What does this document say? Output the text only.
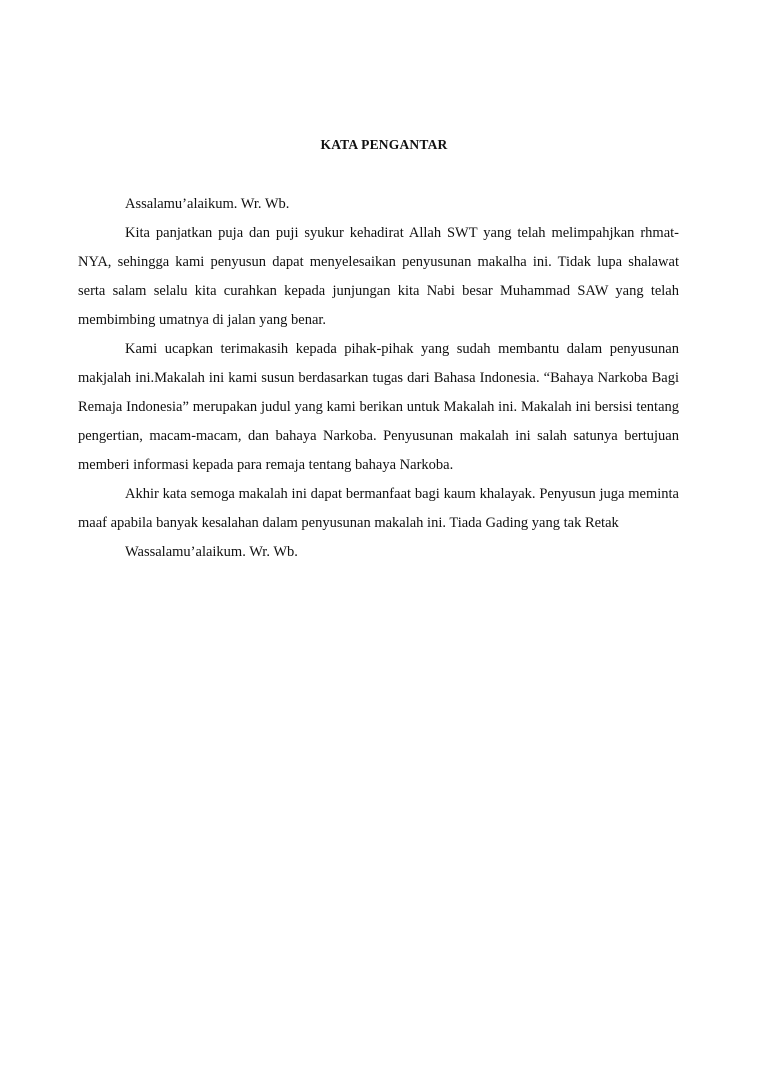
KATA PENGANTAR

Assalamu’alaikum. Wr. Wb.

Kita panjatkan puja dan puji syukur kehadirat Allah SWT yang telah melimpahjkan rhmat-NYA, sehingga kami penyusun dapat menyelesaikan penyusunan makalha ini. Tidak lupa shalawat serta salam selalu kita curahkan kepada junjungan kita Nabi besar Muhammad SAW yang telah membimbing umatnya di jalan yang benar.

Kami ucapkan terimakasih kepada pihak-pihak yang sudah membantu dalam penyusunan makjalah ini.Makalah ini kami susun berdasarkan tugas dari Bahasa Indonesia. “Bahaya Narkoba Bagi Remaja Indonesia” merupakan judul yang kami berikan untuk Makalah ini. Makalah ini bersisi tentang pengertian, macam-macam, dan bahaya Narkoba. Penyusunan makalah ini salah satunya bertujuan memberi informasi kepada para remaja tentang bahaya Narkoba.

Akhir kata semoga makalah ini dapat bermanfaat bagi kaum khalayak. Penyusun juga meminta maaf apabila banyak kesalahan dalam penyusunan makalah ini. Tiada Gading yang tak Retak

Wassalamu’alaikum. Wr. Wb.
